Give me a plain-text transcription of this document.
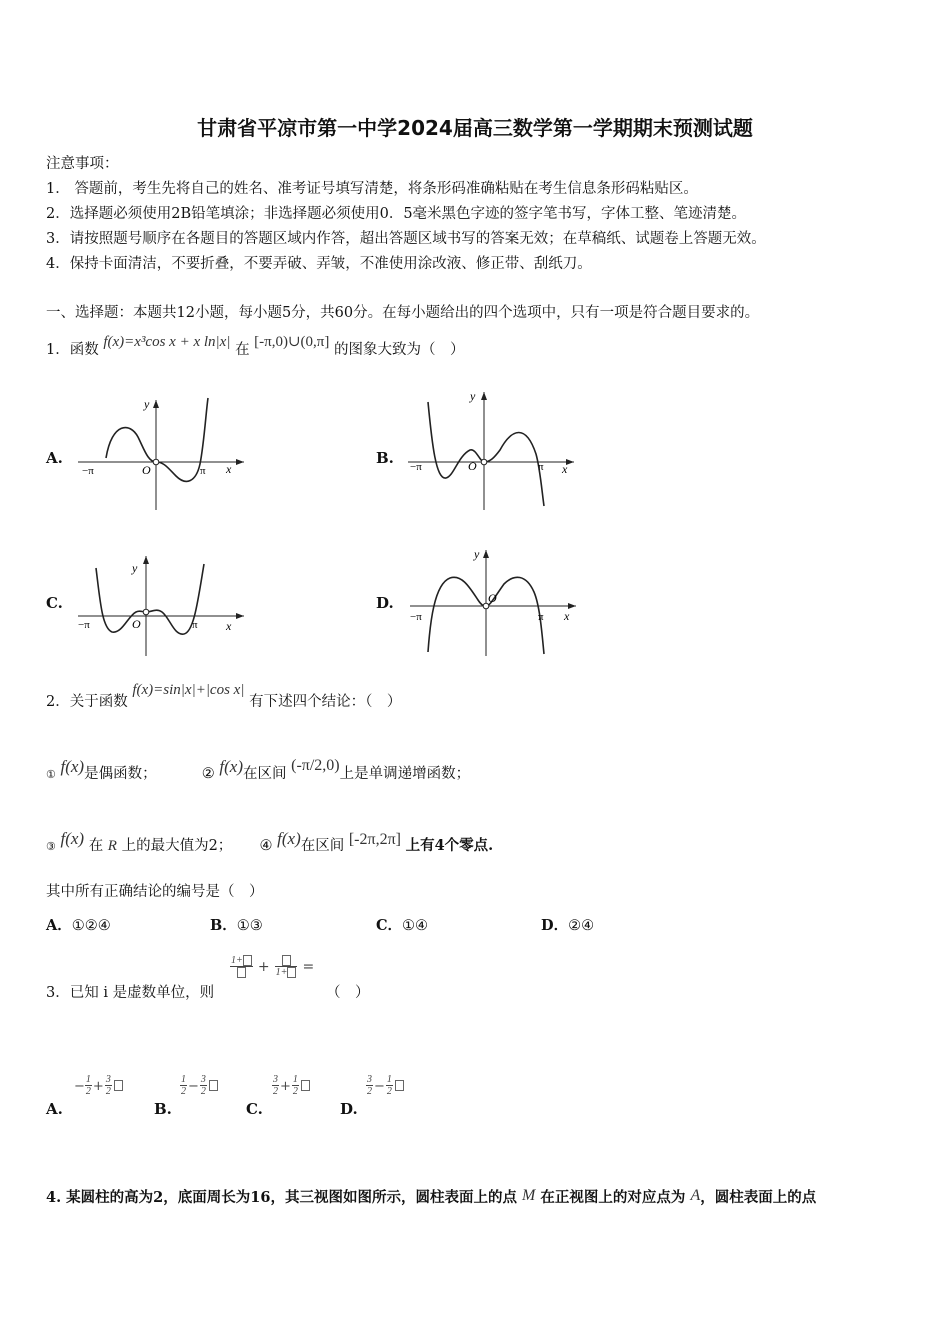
甘肃省平凉市第一中学2024届高三数学第一学期期末预测试题
注意事项：
1． 答题前，考生先将自己的姓名、准考证号填写清楚，将条形码准确粘贴在考生信息条形码粘贴区。
2．选择题必须使用2B铅笔填涂；非选择题必须使用0．5毫米黑色字迹的签字笔书写，字体工整、笔迹清楚。
3．请按照题号顺序在各题目的答题区域内作答，超出答题区域书写的答案无效；在草稿纸、试题卷上答题无效。
4．保持卡面清洁，不要折叠，不要弄破、弄皱，不准使用涂改液、修正带、刮纸刀。
一、选择题：本题共12小题，每小题5分，共60分。在每小题给出的四个选项中，只有一项是符合题目要求的。
1．函数 f(x)=x³cos x + x ln|x| 在 [-π,0)∪(0,π] 的图象大致为（　）
A.	B.
C.	D.
y
x
O
−π	π
y
x
O
−π	π
y
x
O
−π	π
y
x
O
−π	π
2．关于函数 f(x)=sin|x|+|cos x| 有下述四个结论：（　）
① f(x)是偶函数；	② f(x)在区间 (-π/2,0)上是单调递增函数；
③ f(x) 在 R 上的最大值为2； ④ f(x)在区间 [-2π,2π] 上有4个零点.
其中所有正确结论的编号是（　）
A．①②④	B．①③	C．①④	D．②④
3．已知 i 是虚数单位，则
1+	+ 1+	=
（　）
A.
− $\frac{1}{2} + \frac{3}{2}$
B.
$\frac{1}{2} - \frac{3}{2}$
C.
$\frac{3}{2} + \frac{1}{2}$
D.
$\frac{3}{2} - \frac{1}{2}$
4. 某圆柱的高为2，底面周长为16，其三视图如图所示，圆柱表面上的点 M 在正视图上的对应点为 A，圆柱表面上的点
